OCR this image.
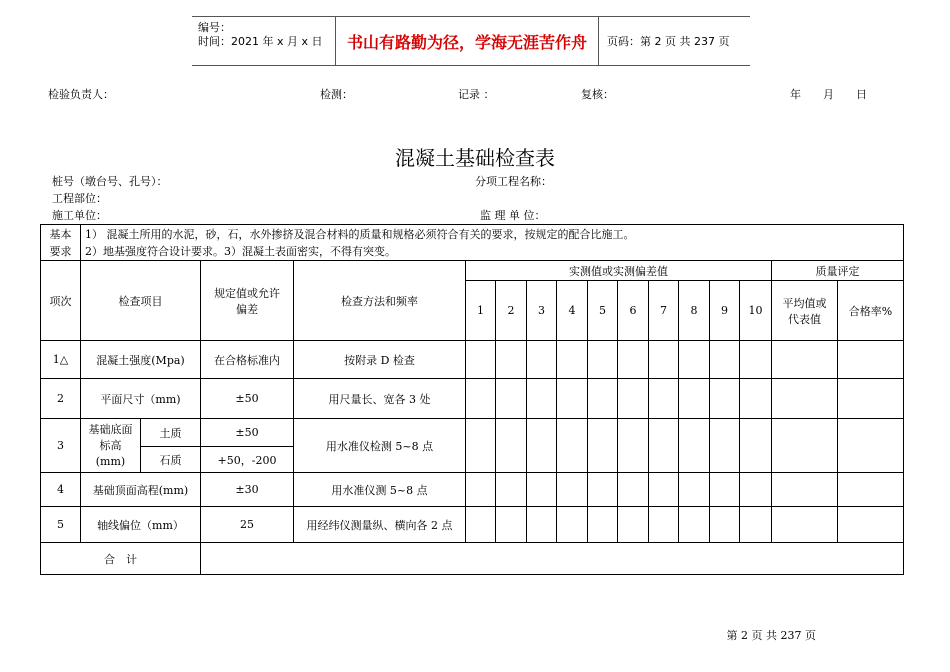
编号：
时间：2021 年 x 月 x 日	书山有路勤为径，学海无涯苦作舟	页码：第 2 页 共 237 页
检验负责人：	检测：	记录 ：	复核：	年　　月　　日
混凝土基础检查表
桩号（墩台号、孔号）：	分项工程名称：
工程部位：
施工单位：	监 理 单 位：
基本要求	1） 混凝土所用的水泥，砂，石，水外掺挤及混合材料的质量和规格必须符合有关的要求，按规定的配合比施工。															
	2）地基强度符合设计要求。3）混凝土表面密实，不得有突变。															
项次	检查项目		规定值或允许偏差	检查方法和频率	实测值或实测偏差值										质量评定	
					1	2	3	4	5	6	7	8	9	10	平均值或代表值	合格率%
1△	混凝土强度(Mpa)		在合格标准内	按附录 D 检查												
2	平面尺寸（mm)		±50	用尺量长、宽各 3 处												
3	基础底面标高(mm)	土质	±50	用水准仪检测 5~8 点												
		石质	+50，-200													
4	基础顶面高程(mm)		±30	用水准仪测 5~8 点												
5	轴线偏位（mm）		25	用经纬仪测量纵、横向各 2 点												
合　计																
第 2 页 共 237 页
